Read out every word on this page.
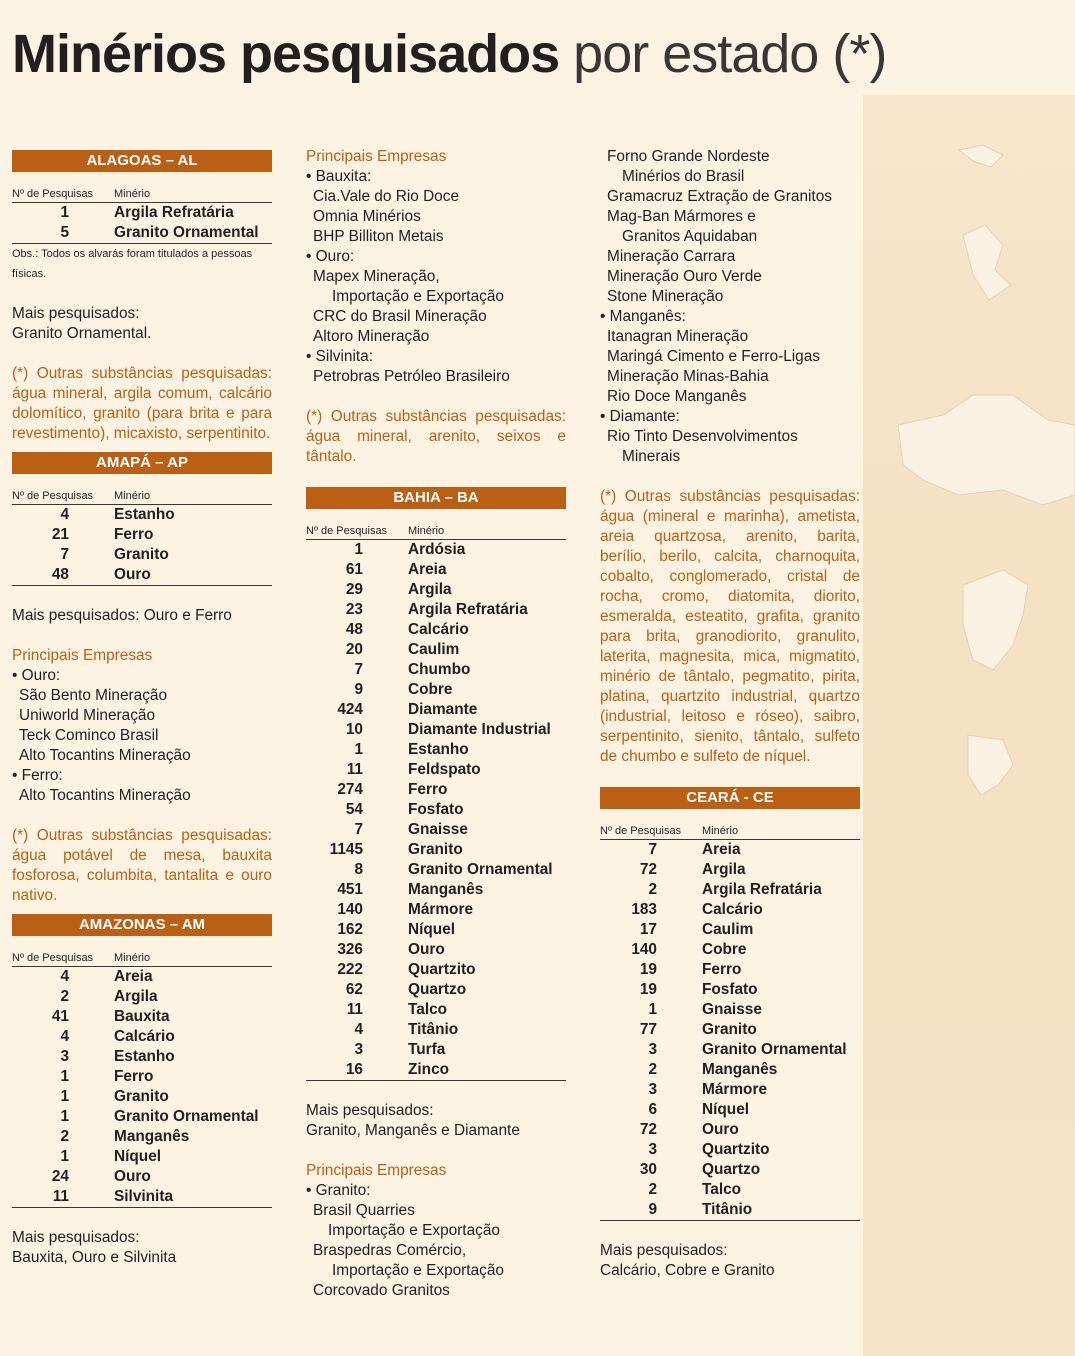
Minérios pesquisados por estado (*)
ALAGOAS – AL
Nº de Pesquisas	Minério
1	Argila Refratária
5	Granito Ornamental
Obs.: Todos os alvarás foram titulados a pessoas físicas.

Mais pesquisados:

Granito Ornamental.

(*) Outras substâncias pesquisadas: água mineral, argila comum, calcário dolomítico, granito (para brita e para revestimento), micaxisto, serpentinito.

AMAPÁ – AP
Nº de Pesquisas	Minério
4	Estanho
21	Ferro
7	Granito
48	Ouro

Mais pesquisados: Ouro e Ferro

Principais Empresas

• Ouro:

São Bento Mineração

Uniworld Mineração

Teck Cominco Brasil

Alto Tocantins Mineração

• Ferro:

Alto Tocantins Mineração

(*) Outras substâncias pesquisadas: água potável de mesa, bauxita fosforosa, columbita, tantalita e ouro nativo.

AMAZONAS – AM
Nº de Pesquisas	Minério
4	Areia
2	Argila
41	Bauxita
4	Calcário
3	Estanho
1	Ferro
1	Granito
1	Granito Ornamental
2	Manganês
1	Níquel
24	Ouro
11	Silvinita

Mais pesquisados:

Bauxita, Ouro e Silvinita

Principais Empresas

• Bauxita:

Cia.Vale do Rio Doce

Omnia Minérios

BHP Billiton Metais

• Ouro:

Mapex Mineração,

Importação e Exportação

CRC do Brasil Mineração

Altoro Mineração

• Silvinita:

Petrobras Petróleo Brasileiro

(*) Outras substâncias pesquisadas: água mineral, arenito, seixos e tântalo.

BAHIA – BA
Nº de Pesquisas	Minério
1	Ardósia
61	Areia
29	Argila
23	Argila Refratária
48	Calcário
20	Caulim
7	Chumbo
9	Cobre
424	Diamante
10	Diamante Industrial
1	Estanho
11	Feldspato
274	Ferro
54	Fosfato
7	Gnaisse
1145	Granito
8	Granito Ornamental
451	Manganês
140	Mármore
162	Níquel
326	Ouro
222	Quartzito
62	Quartzo
11	Talco
4	Titânio
3	Turfa
16	Zinco

Mais pesquisados:

Granito, Manganês e Diamante

Principais Empresas

• Granito:

Brasil Quarries

Importação e Exportação

Braspedras Comércio,

Importação e Exportação

Corcovado Granitos

Forno Grande Nordeste

Minérios do Brasil

Gramacruz Extração de Granitos

Mag-Ban Mármores e

Granitos Aquidaban

Mineração Carrara

Mineração Ouro Verde

Stone Mineração

• Manganês:

Itanagran Mineração

Maringá Cimento e Ferro-Ligas

Mineração Minas-Bahia

Rio Doce Manganês

• Diamante:

Rio Tinto Desenvolvimentos

Minerais

(*) Outras substâncias pesquisadas: água (mineral e marinha), ametista, areia quartzosa, arenito, barita, berílio, berilo, calcita, charnoquita, cobalto, conglomerado, cristal de rocha, cromo, diatomita, diorito, esmeralda, esteatito, grafita, granito para brita, granodiorito, granulito, laterita, magnesita, mica, migmatito, minério de tântalo, pegmatito, pirita, platina, quartzito industrial, quartzo (industrial, leitoso e róseo), saibro, serpentinito, sienito, tântalo, sulfeto de chumbo e sulfeto de níquel.

CEARÁ - CE
Nº de Pesquisas	Minério
7	Areia
72	Argila
2	Argila Refratária
183	Calcário
17	Caulim
140	Cobre
19	Ferro
19	Fosfato
1	Gnaisse
77	Granito
3	Granito Ornamental
2	Manganês
3	Mármore
6	Níquel
72	Ouro
3	Quartzito
30	Quartzo
2	Talco
9	Titânio

Mais pesquisados:

Calcário, Cobre e Granito
